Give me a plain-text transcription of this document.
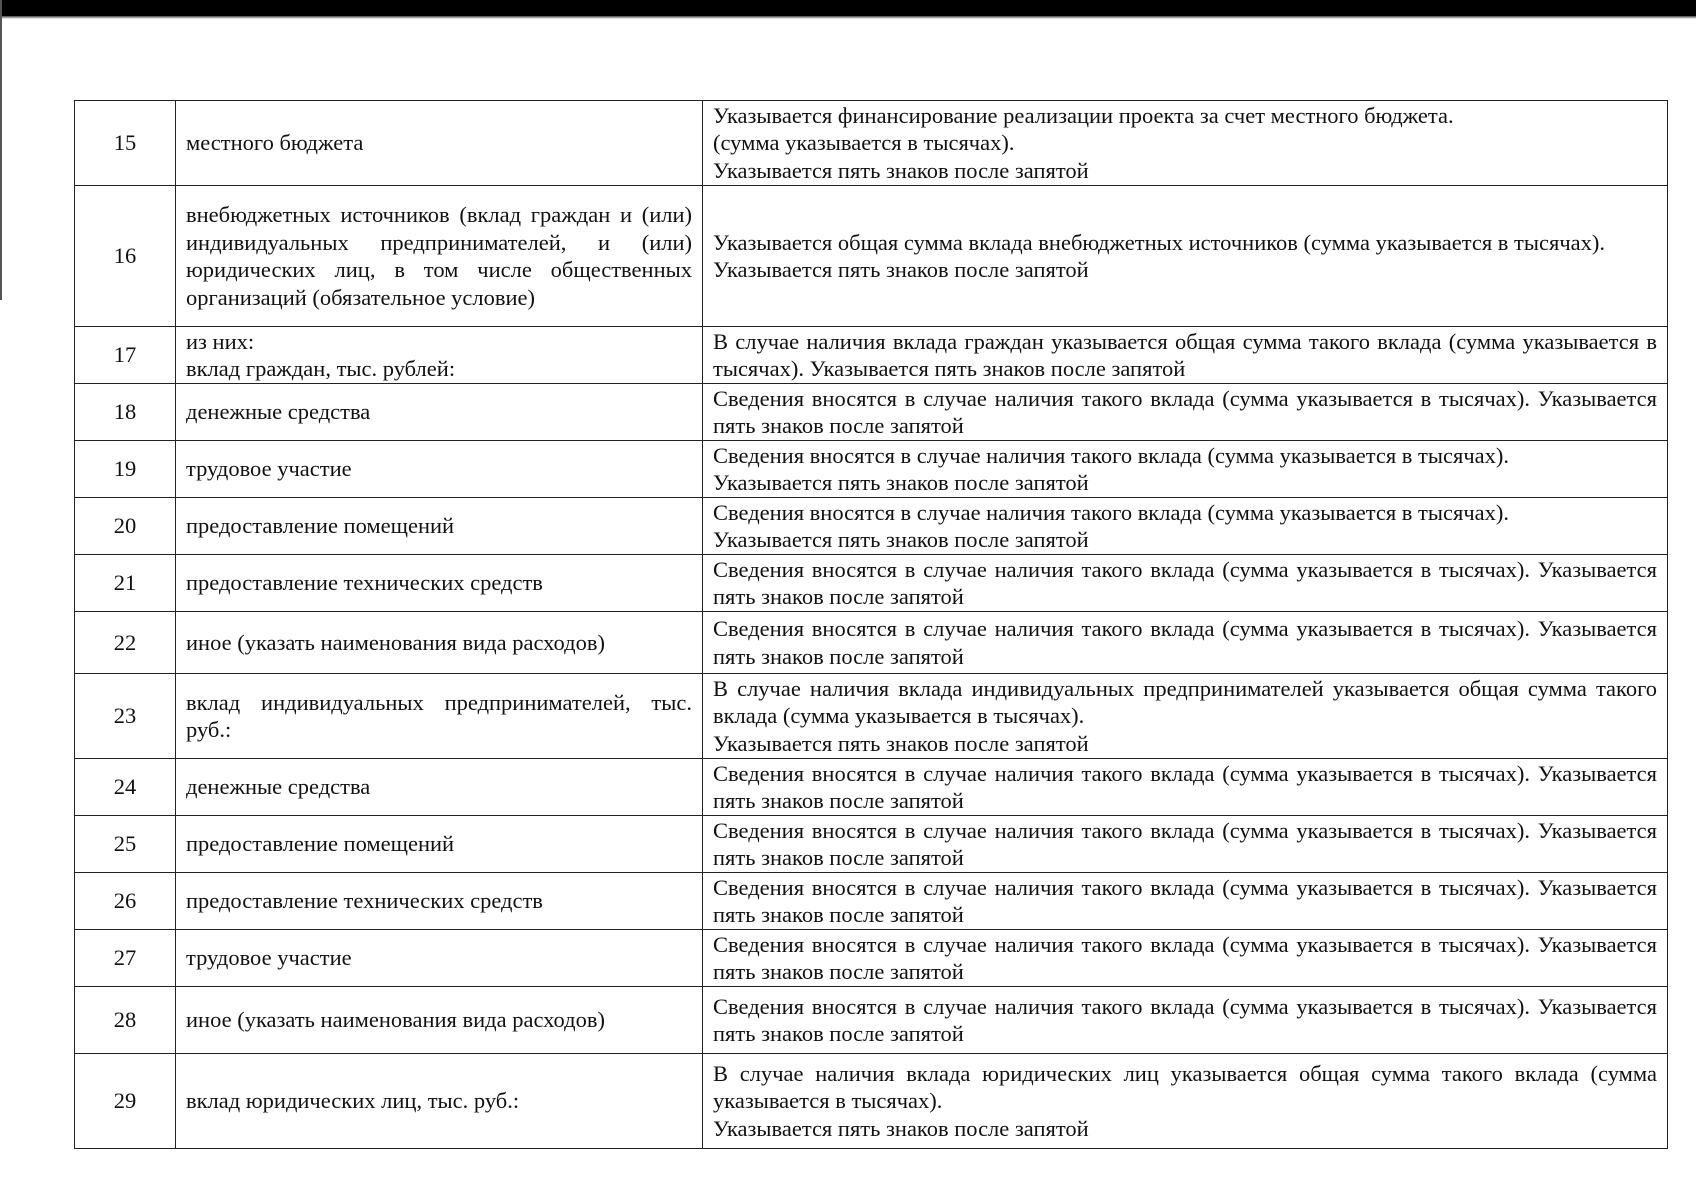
15	местного бюджета	Указывается финансирование реализации проекта за счет местного бюджета.
(сумма указывается в тысячах).
Указывается пять знаков после запятой
16	внебюджетных источников (вклад граждан и (или) индивидуальных предпринимателей, и (или) юридических лиц, в том числе общественных организаций (обязательное условие)	Указывается общая сумма вклада внебюджетных источников (сумма указывается в тысячах).
Указывается пять знаков после запятой
17	из них:
вклад граждан, тыс. рублей:	В случае наличия вклада граждан указывается общая сумма такого вклада (сумма указывается в тысячах). Указывается пять знаков после запятой
18	денежные средства	Сведения вносятся в случае наличия такого вклада (сумма указывается в тысячах). Указывается пять знаков после запятой
19	трудовое участие	Сведения вносятся в случае наличия такого вклада (сумма указывается в тысячах).
Указывается пять знаков после запятой
20	предоставление помещений	Сведения вносятся в случае наличия такого вклада (сумма указывается в тысячах).
Указывается пять знаков после запятой
21	предоставление технических средств	Сведения вносятся в случае наличия такого вклада (сумма указывается в тысячах). Указывается пять знаков после запятой
22	иное (указать наименования вида расходов)	Сведения вносятся в случае наличия такого вклада (сумма указывается в тысячах). Указывается пять знаков после запятой
23	вклад индивидуальных предпринимателей, тыс. руб.:	В случае наличия вклада индивидуальных предпринимателей указывается общая сумма такого вклада (сумма указывается в тысячах).
Указывается пять знаков после запятой
24	денежные средства	Сведения вносятся в случае наличия такого вклада (сумма указывается в тысячах). Указывается пять знаков после запятой
25	предоставление помещений	Сведения вносятся в случае наличия такого вклада (сумма указывается в тысячах). Указывается пять знаков после запятой
26	предоставление технических средств	Сведения вносятся в случае наличия такого вклада (сумма указывается в тысячах). Указывается пять знаков после запятой
27	трудовое участие	Сведения вносятся в случае наличия такого вклада (сумма указывается в тысячах). Указывается пять знаков после запятой
28	иное (указать наименования вида расходов)	Сведения вносятся в случае наличия такого вклада (сумма указывается в тысячах). Указывается пять знаков после запятой
29	вклад юридических лиц, тыс. руб.:	В случае наличия вклада юридических лиц указывается общая сумма такого вклада (сумма указывается в тысячах).
Указывается пять знаков после запятой
